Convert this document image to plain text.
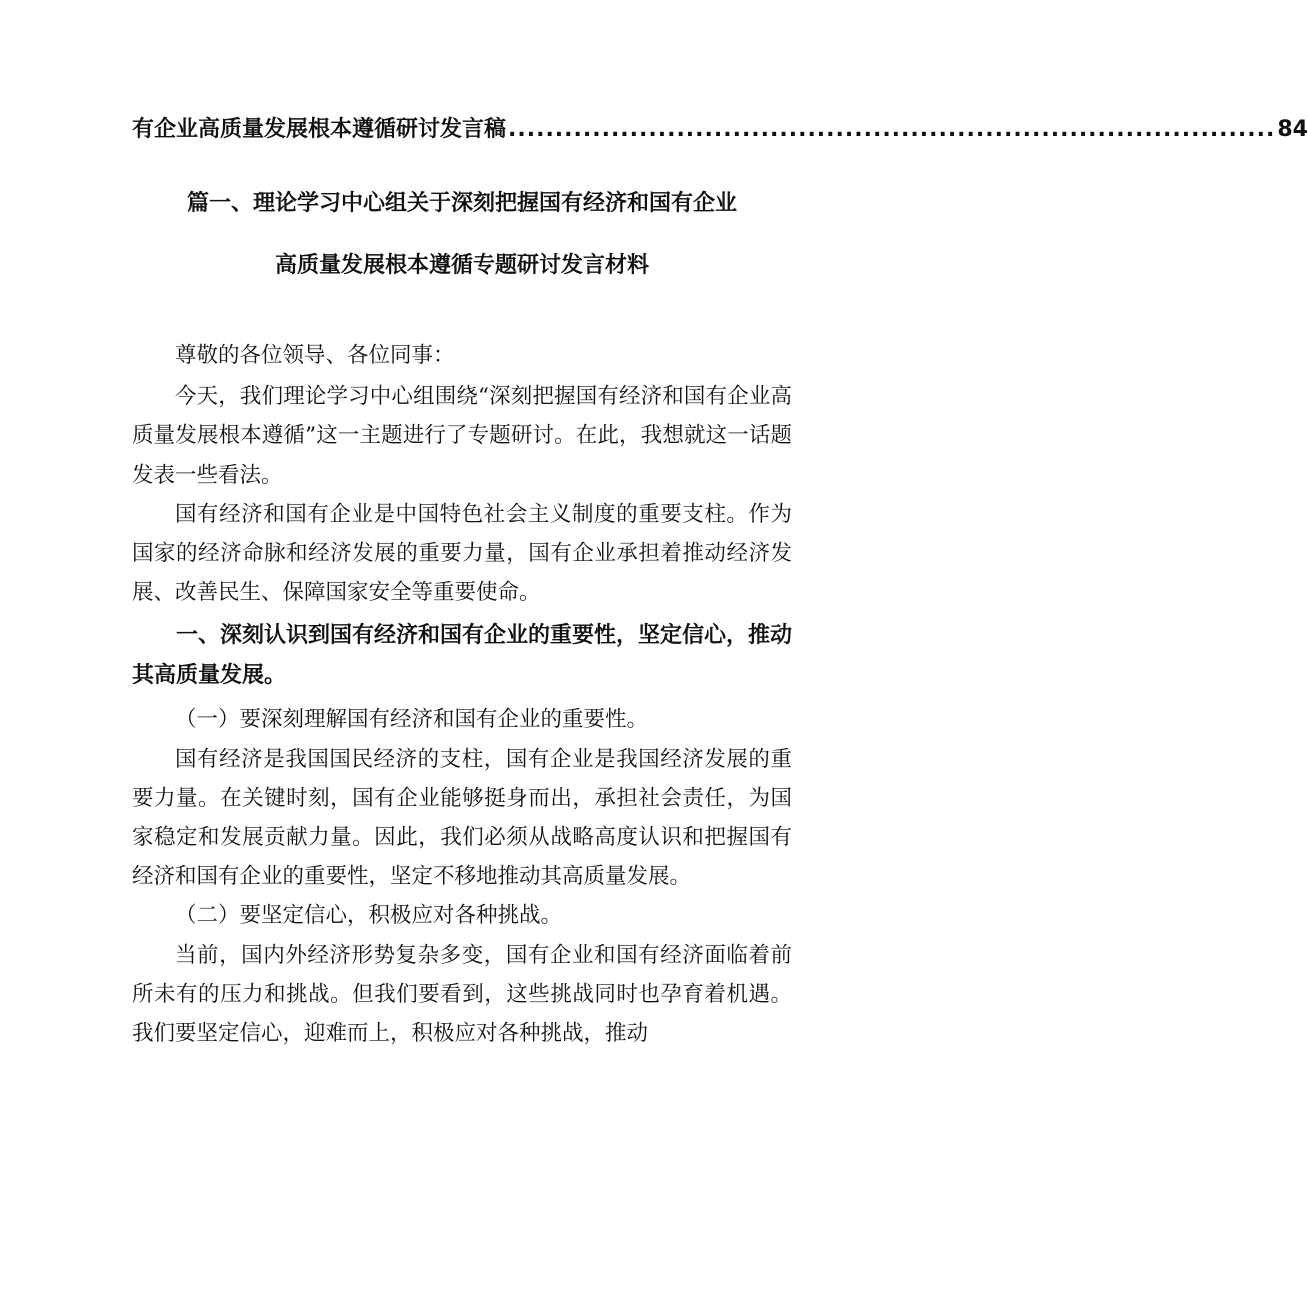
有企业高质量发展根本遵循研讨发言稿 .................................................................................. 84
篇一、理论学习中心组关于深刻把握国有经济和国有企业
高质量发展根本遵循专题研讨发言材料

尊敬的各位领导、各位同事：

今天，我们理论学习中心组围绕“深刻把握国有经济和国有企业高质量发展根本遵循”这一主题进行了专题研讨。在此，我想就这一话题发表一些看法。

国有经济和国有企业是中国特色社会主义制度的重要支柱。作为国家的经济命脉和经济发展的重要力量，国有企业承担着推动经济发展、改善民生、保障国家安全等重要使命。

一、深刻认识到国有经济和国有企业的重要性，坚定信心，推动其高质量发展。

（一）要深刻理解国有经济和国有企业的重要性。

国有经济是我国国民经济的支柱，国有企业是我国经济发展的重要力量。在关键时刻，国有企业能够挺身而出，承担社会责任，为国家稳定和发展贡献力量。因此，我们必须从战略高度认识和把握国有经济和国有企业的重要性，坚定不移地推动其高质量发展。

（二）要坚定信心，积极应对各种挑战。

当前，国内外经济形势复杂多变，国有企业和国有经济面临着前所未有的压力和挑战。但我们要看到，这些挑战同时也孕育着机遇。我们要坚定信心，迎难而上，积极应对各种挑战，推动
